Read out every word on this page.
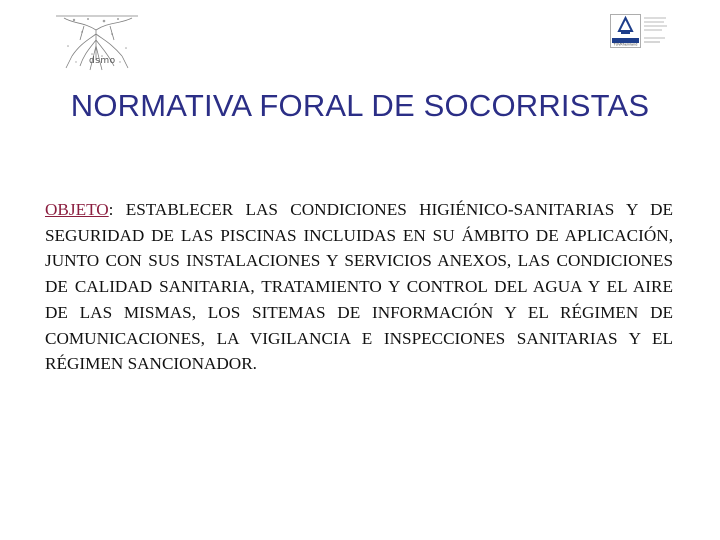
dsmo
TÜVRheinland
NORMATIVA FORAL DE SOCORRISTAS
OBJETO: ESTABLECER LAS CONDICIONES HIGIÉNICO-SANITARIAS Y DE SEGURIDAD DE LAS PISCINAS INCLUIDAS EN SU ÁMBITO DE APLICACIÓN, JUNTO CON SUS INSTALACIONES Y SERVICIOS ANEXOS, LAS CONDICIONES DE CALIDAD SANITARIA, TRATAMIENTO Y CONTROL DEL AGUA Y EL AIRE DE LAS MISMAS, LOS SITEMAS DE INFORMACIÓN Y EL RÉGIMEN DE COMUNICACIONES, LA VIGILANCIA E INSPECCIONES SANITARIAS Y EL RÉGIMEN SANCIONADOR.
